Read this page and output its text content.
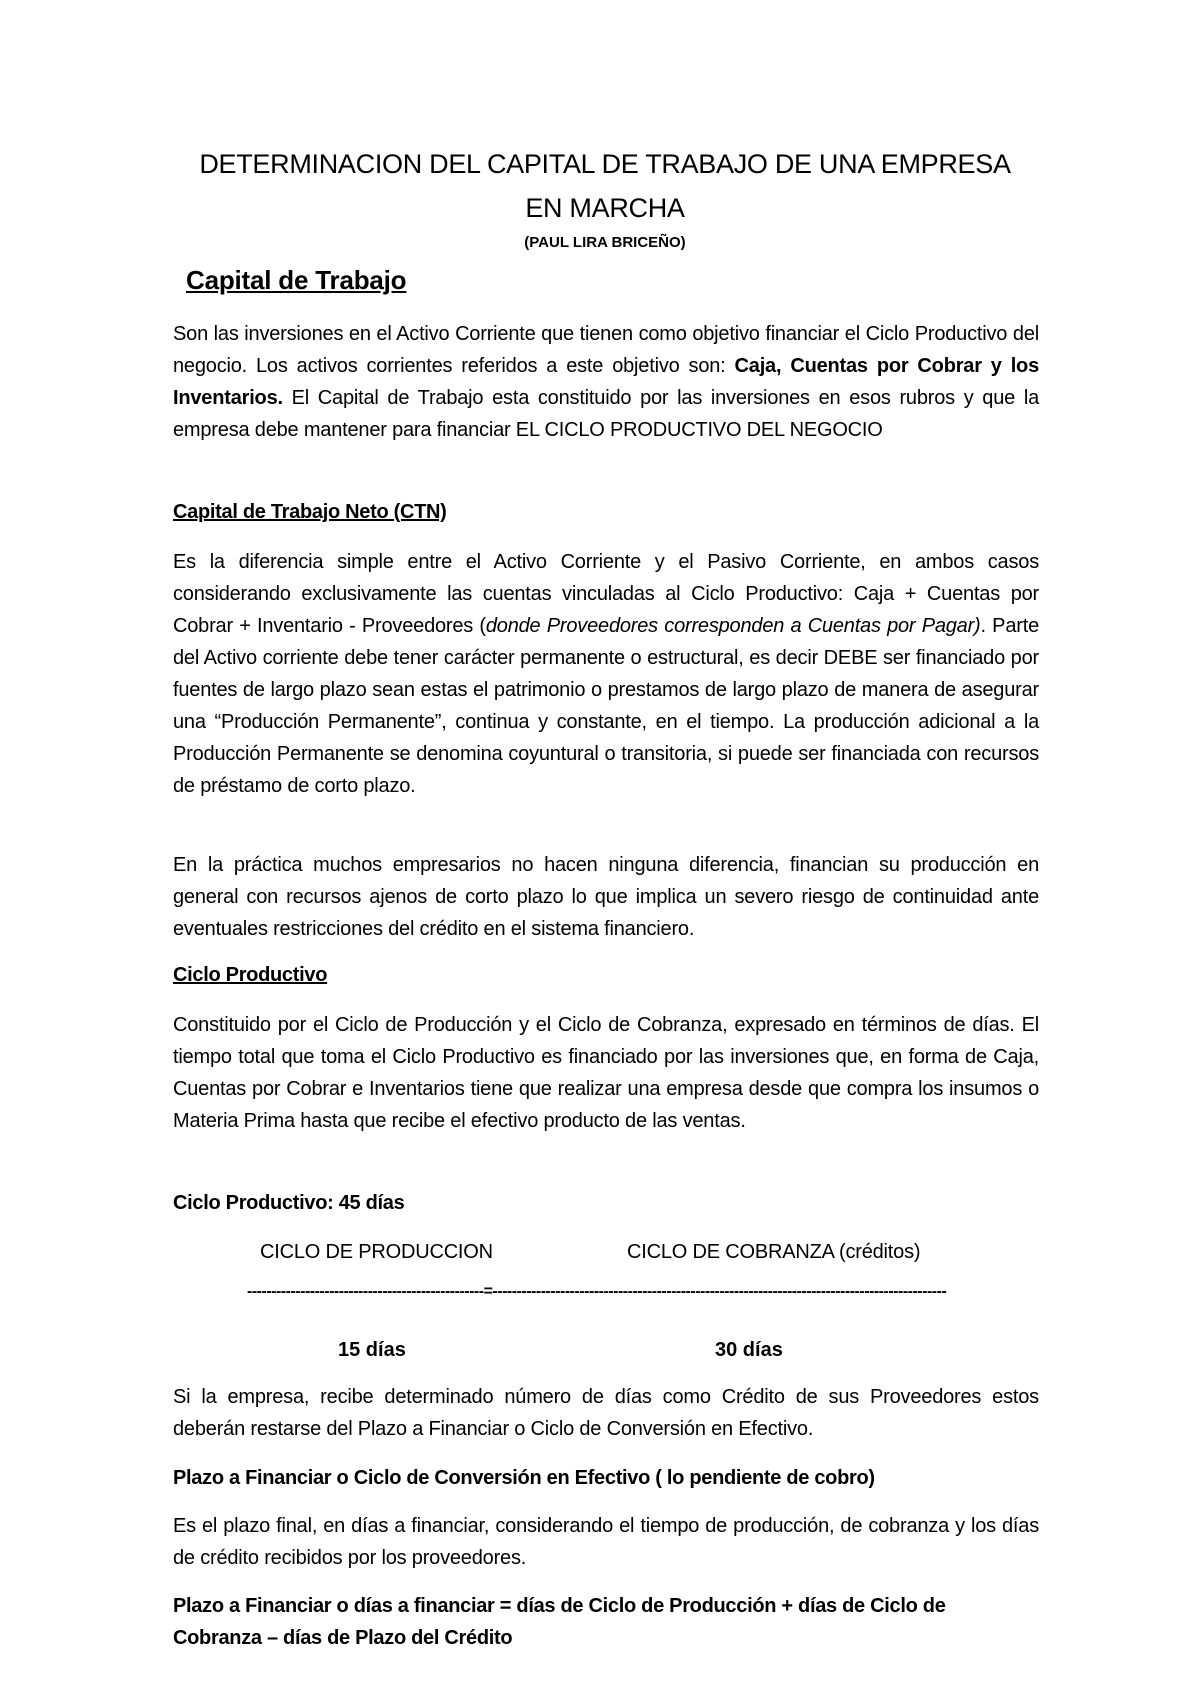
DETERMINACION DEL CAPITAL DE TRABAJO DE UNA EMPRESA
EN MARCHA
(PAUL LIRA BRICEÑO)
Capital de Trabajo
Son las inversiones en el Activo Corriente que tienen como objetivo financiar el Ciclo Productivo del negocio. Los activos corrientes referidos a este objetivo son: Caja, Cuentas por Cobrar y los Inventarios. El Capital de Trabajo esta constituido por las inversiones en esos rubros y que la empresa debe mantener para financiar EL CICLO PRODUCTIVO DEL NEGOCIO
Capital de Trabajo Neto (CTN)
Es la diferencia simple entre el Activo Corriente y el Pasivo Corriente, en ambos casos considerando exclusivamente las cuentas vinculadas al Ciclo Productivo: Caja + Cuentas por Cobrar + Inventario - Proveedores (donde Proveedores corresponden a Cuentas por Pagar). Parte del Activo corriente debe tener carácter permanente o estructural, es decir DEBE ser financiado por fuentes de largo plazo sean estas el patrimonio o prestamos de largo plazo de manera de asegurar una “Producción Permanente”, continua y constante, en el tiempo. La producción adicional a la Producción Permanente se denomina coyuntural o transitoria, si puede ser financiada con recursos de préstamo de corto plazo.
En la práctica muchos empresarios no hacen ninguna diferencia, financian su producción en general con recursos ajenos de corto plazo lo que implica un severo riesgo de continuidad ante eventuales restricciones del crédito en el sistema financiero.
Ciclo Productivo
Constituido por el Ciclo de Producción y el Ciclo de Cobranza, expresado en términos de días. El tiempo total que toma el Ciclo Productivo es financiado por las inversiones que, en forma de Caja, Cuentas por Cobrar e Inventarios tiene que realizar una empresa desde que compra los insumos o Materia Prima hasta que recibe el efectivo producto de las ventas.
Ciclo Productivo: 45 días
CICLO DE PRODUCCION	CICLO DE COBRANZA (créditos)
-------------------------------------------------=----------------------------------------------------------------------------------------------
15 días	30 días
Si la empresa, recibe determinado número de días como Crédito de sus Proveedores estos deberán restarse del Plazo a Financiar o Ciclo de Conversión en Efectivo.
Plazo a Financiar o Ciclo de Conversión en Efectivo ( lo pendiente de cobro)
Es el plazo final, en días a financiar, considerando el tiempo de producción, de cobranza y los días de crédito recibidos por los proveedores.
Plazo a Financiar o días a financiar = días de Ciclo de Producción + días de Ciclo de Cobranza – días de Plazo del Crédito
